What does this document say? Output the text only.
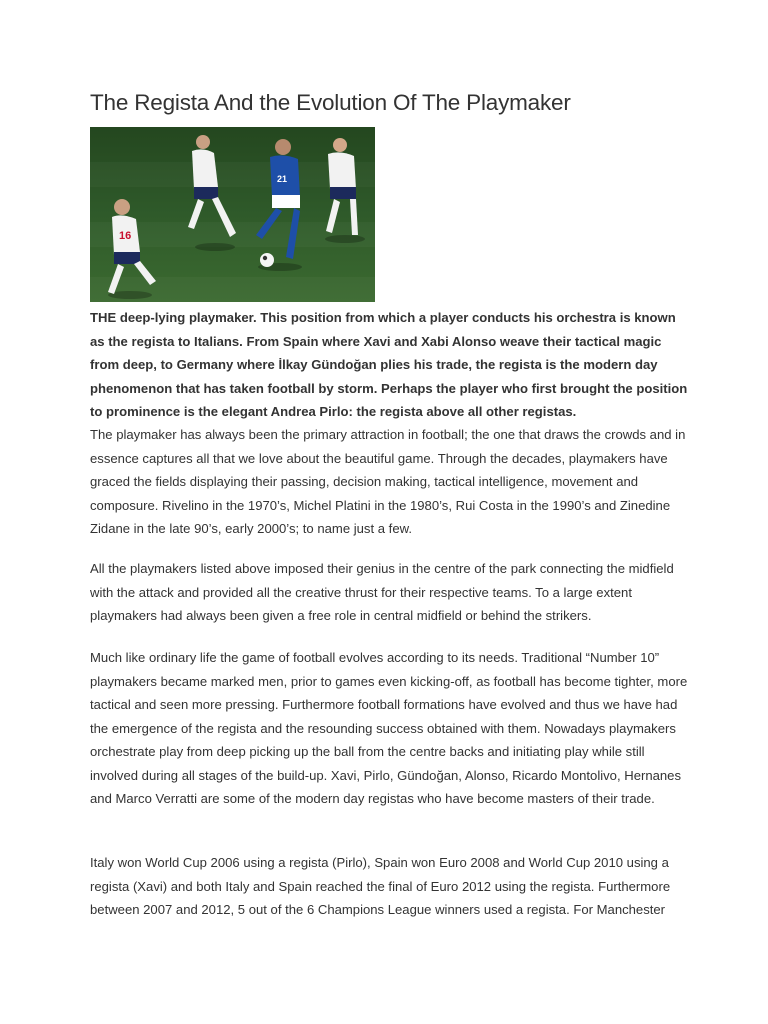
The Regista And the Evolution Of The Playmaker
16
21

THE deep-lying playmaker. This position from which a player conducts his orchestra is known as the regista to Italians. From Spain where Xavi and Xabi Alonso weave their tactical magic from deep, to Germany where İlkay Gündoğan plies his trade, the regista is the modern day phenomenon that has taken football by storm. Perhaps the player who first brought the position to prominence is the elegant Andrea Pirlo: the regista above all other registas.

The playmaker has always been the primary attraction in football; the one that draws the crowds and in essence captures all that we love about the beautiful game. Through the decades, playmakers have graced the fields displaying their passing, decision making, tactical intelligence, movement and composure. Rivelino in the 1970’s, Michel Platini in the 1980’s, Rui Costa in the 1990’s and Zinedine Zidane in the late 90’s, early 2000’s; to name just a few.

All the playmakers listed above imposed their genius in the centre of the park connecting the midfield with the attack and provided all the creative thrust for their respective teams. To a large extent playmakers had always been given a free role in central midfield or behind the strikers.

Much like ordinary life the game of football evolves according to its needs. Traditional “Number 10” playmakers became marked men, prior to games even kicking-off, as football has become tighter, more tactical and seen more pressing. Furthermore football formations have evolved and thus we have had the emergence of the regista and the resounding success obtained with them. Nowadays playmakers orchestrate play from deep picking up the ball from the centre backs and initiating play while still involved during all stages of the build-up. Xavi, Pirlo, Gündoğan, Alonso, Ricardo Montolivo, Hernanes and Marco Verratti are some of the modern day registas who have become masters of their trade.

Italy won World Cup 2006 using a regista (Pirlo), Spain won Euro 2008 and World Cup 2010 using a regista (Xavi) and both Italy and Spain reached the final of Euro 2012 using the regista. Furthermore between 2007 and 2012, 5 out of the 6 Champions League winners used a regista. For Manchester
